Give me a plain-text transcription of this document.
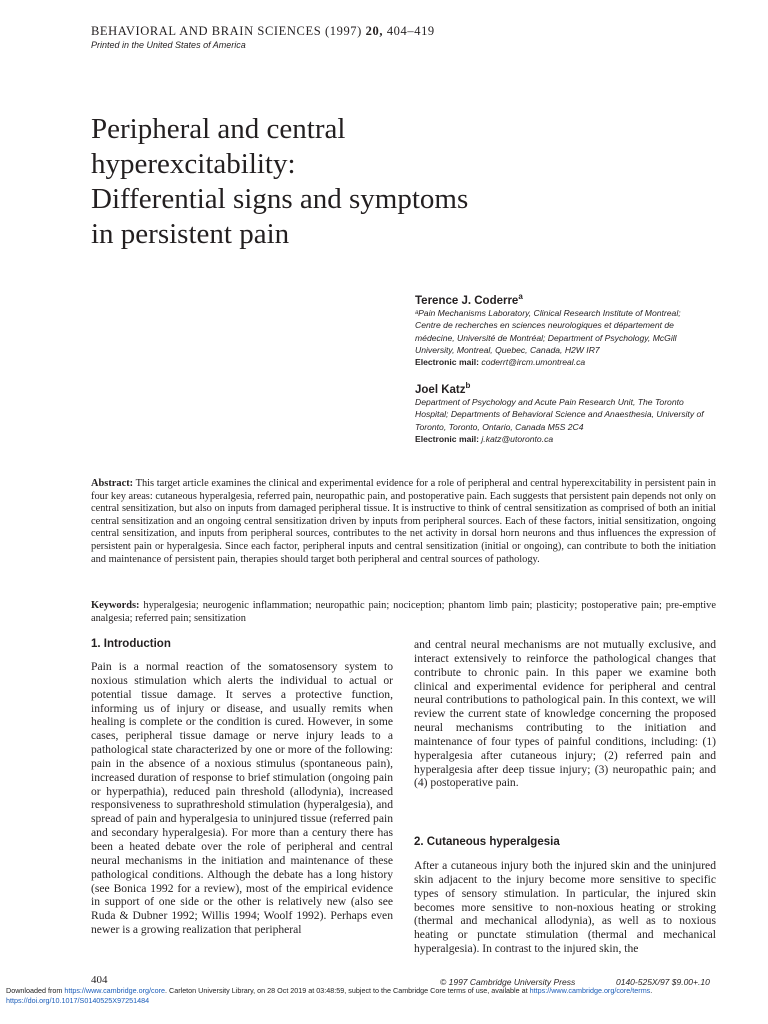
BEHAVIORAL AND BRAIN SCIENCES (1997) 20, 404–419
Printed in the United States of America
Peripheral and central
hyperexcitability:
Differential signs and symptoms
in persistent pain
Terence J. Coderre$^a$
ᵃPain Mechanisms Laboratory, Clinical Research Institute of Montreal;
Centre de recherches en sciences neurologiques et département de
médecine, Université de Montréal; Department of Psychology, McGill
University, Montreal, Quebec, Canada, H2W IR7
Electronic mail: coderrt@ircm.umontreal.ca
Joel Katz$^b$
Department of Psychology and Acute Pain Research Unit, The Toronto
Hospital; Departments of Behavioral Science and Anaesthesia, University of
Toronto, Toronto, Ontario, Canada M5S 2C4
Electronic mail: j.katz@utoronto.ca
Abstract: This target article examines the clinical and experimental evidence for a role of peripheral and central hyperexcitability in persistent pain in four key areas: cutaneous hyperalgesia, referred pain, neuropathic pain, and postoperative pain. Each suggests that persistent pain depends not only on central sensitization, but also on inputs from damaged peripheral tissue. It is instructive to think of central sensitization as comprised of both an initial central sensitization and an ongoing central sensitization driven by inputs from peripheral sources. Each of these factors, initial sensitization, ongoing central sensitization, and inputs from peripheral sources, contributes to the net activity in dorsal horn neurons and thus influences the expression of persistent pain or hyperalgesia. Since each factor, peripheral inputs and central sensitization (initial or ongoing), can contribute to both the initiation and maintenance of persistent pain, therapies should target both peripheral and central sources of pathology.
Keywords: hyperalgesia; neurogenic inflammation; neuropathic pain; nociception; phantom limb pain; plasticity; postoperative pain; pre-emptive analgesia; referred pain; sensitization
1. Introduction
Pain is a normal reaction of the somatosensory system to noxious stimulation which alerts the individual to actual or potential tissue damage. It serves a protective function, informing us of injury or disease, and usually remits when healing is complete or the condition is cured. However, in some cases, peripheral tissue damage or nerve injury leads to a pathological state characterized by one or more of the following: pain in the absence of a noxious stimulus (spontaneous pain), increased duration of response to brief stimulation (ongoing pain or hyperpathia), reduced pain threshold (allodynia), increased responsiveness to suprathreshold stimulation (hyperalgesia), and spread of pain and hyperalgesia to uninjured tissue (referred pain and secondary hyperalgesia). For more than a century there has been a heated debate over the role of peripheral and central neural mechanisms in the initiation and maintenance of these pathological conditions. Although the debate has a long history (see Bonica 1992 for a review), most of the empirical evidence in support of one side or the other is relatively new (also see Ruda & Dubner 1992; Willis 1994; Woolf 1992). Perhaps even newer is a growing realization that peripheral
and central neural mechanisms are not mutually exclusive, and interact extensively to reinforce the pathological changes that contribute to chronic pain. In this paper we examine both clinical and experimental evidence for peripheral and central neural contributions to pathological pain. In this context, we will review the current state of knowledge concerning the proposed neural mechanisms contributing to the initiation and maintenance of four types of painful conditions, including: (1) hyperalgesia after cutaneous injury; (2) referred pain and hyperalgesia after deep tissue injury; (3) neuropathic pain; and (4) postoperative pain.
2. Cutaneous hyperalgesia
After a cutaneous injury both the injured skin and the uninjured skin adjacent to the injury become more sensitive to specific types of sensory stimulation. In particular, the injured skin becomes more sensitive to non-noxious heating or stroking (thermal and mechanical allodynia), as well as to noxious heating or punctate stimulation (thermal and mechanical hyperalgesia). In contrast to the injured skin, the
404	© 1997 Cambridge University Press	0140-525X/97 $9.00+.10
Downloaded from https://www.cambridge.org/core. Carleton University Library, on 28 Oct 2019 at 03:48:59, subject to the Cambridge Core terms of use, available at https://www.cambridge.org/core/terms.
https://doi.org/10.1017/S0140525X97251484
